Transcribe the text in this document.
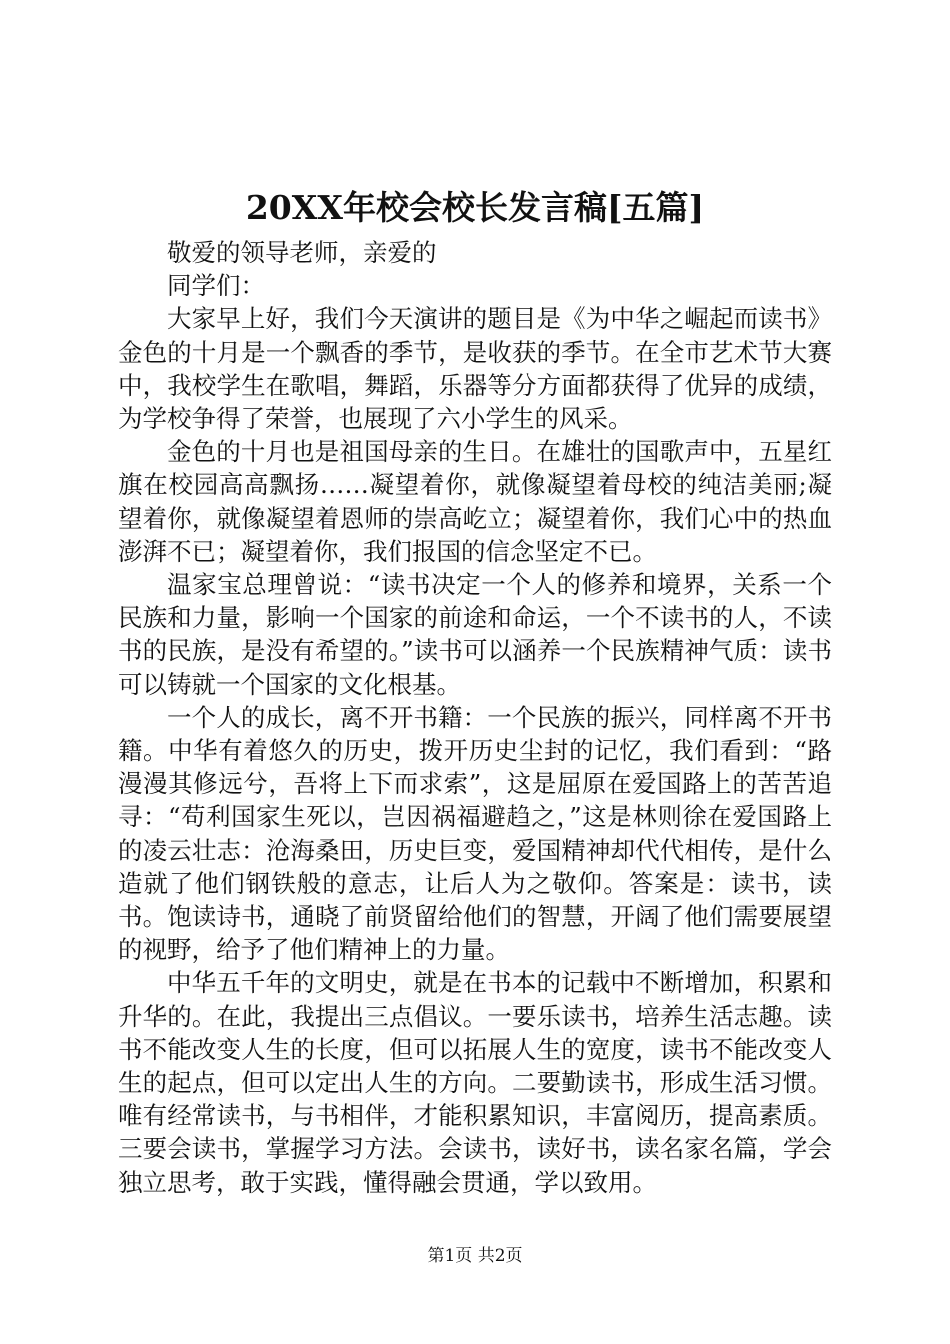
20XX年校会校长发言稿[五篇]

敬爱的领导老师，亲爱的

同学们：

大家早上好，我们今天演讲的题目是《为中华之崛起而读书》金色的十月是一个飘香的季节，是收获的季节。在全市艺术节大赛中，我校学生在歌唱，舞蹈，乐器等分方面都获得了优异的成绩，为学校争得了荣誉，也展现了六小学生的风采。

金色的十月也是祖国母亲的生日。在雄壮的国歌声中，五星红旗在校园高高飘扬……凝望着你，就像凝望着母校的纯洁美丽;凝望着你，就像凝望着恩师的崇高屹立；凝望着你，我们心中的热血澎湃不已；凝望着你，我们报国的信念坚定不已。

温家宝总理曾说：“读书决定一个人的修养和境界，关系一个民族和力量，影响一个国家的前途和命运，一个不读书的人，不读书的民族，是没有希望的。”读书可以涵养一个民族精神气质：读书可以铸就一个国家的文化根基。

一个人的成长，离不开书籍：一个民族的振兴，同样离不开书籍。中华有着悠久的历史，拨开历史尘封的记忆，我们看到：“路漫漫其修远兮，吾将上下而求索”，这是屈原在爱国路上的苦苦追寻：“苟利国家生死以，岂因祸福避趋之，”这是林则徐在爱国路上的凌云壮志：沧海桑田，历史巨变，爱国精神却代代相传，是什么造就了他们钢铁般的意志，让后人为之敬仰。答案是：读书，读书。饱读诗书，通晓了前贤留给他们的智慧，开阔了他们需要展望的视野，给予了他们精神上的力量。

中华五千年的文明史，就是在书本的记载中不断增加，积累和升华的。在此，我提出三点倡议。一要乐读书，培养生活志趣。读书不能改变人生的长度，但可以拓展人生的宽度，读书不能改变人生的起点，但可以定出人生的方向。二要勤读书，形成生活习惯。唯有经常读书，与书相伴，才能积累知识，丰富阅历，提高素质。三要会读书，掌握学习方法。会读书，读好书，读名家名篇，学会独立思考，敢于实践，懂得融会贯通，学以致用。

第1页 共2页
